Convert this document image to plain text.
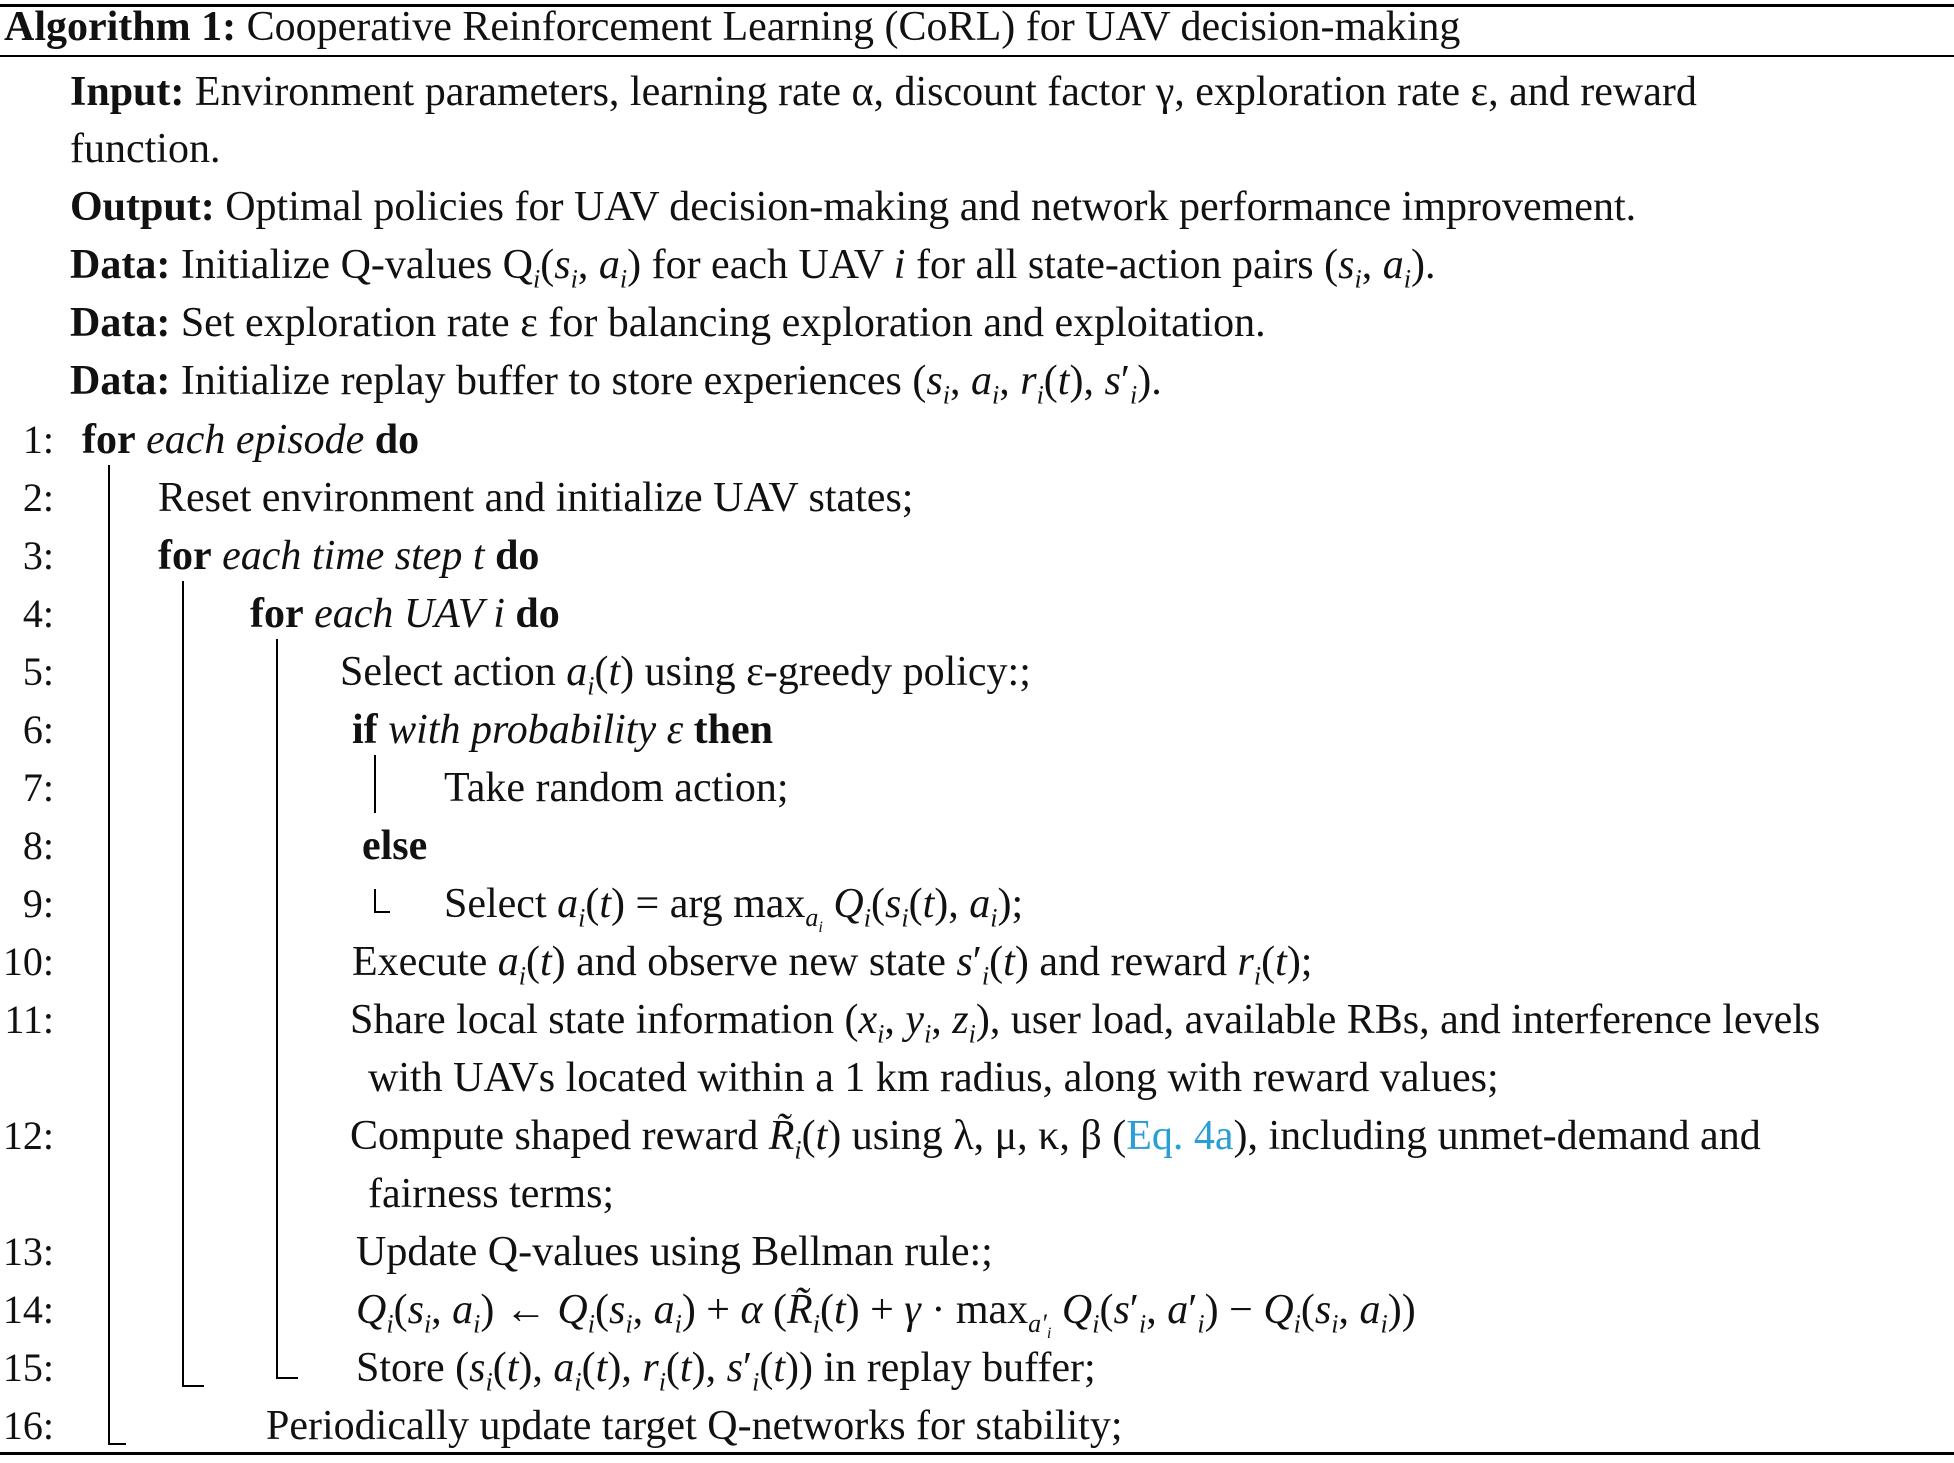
Algorithm 1: Cooperative Reinforcement Learning (CoRL) for UAV decision-making
Input: Environment parameters, learning rate α, discount factor γ, exploration rate ε, and reward
function.
Output: Optimal policies for UAV decision-making and network performance improvement.
Data: Initialize Q-values $Q_i(s_i$, $a_i$) for each UAV i for all state-action pairs ($s_i$, $a_i$).
Data: Set exploration rate ε for balancing exploration and exploitation.
Data: Initialize replay buffer to store experiences ($s_i$, $a_i$, $r_i(t)$, $s'_i$).
1:
2:
3:
4:
5:
6:
7:
8:
9:
10:
11:
12:
13:
14:
15:
16:
for each episode do
Reset environment and initialize UAV states;
for each time step t do
for each UAV i do
Select action $a_i(t)$ using ε-greedy policy:;
if with probability ε then
Take random action;
else
Select $a_i(t)$ = arg $\max_{a_i} Q_i(s_i(t)$, $a_i$);
Execute $a_i(t)$ and observe new state $s'_i(t)$ and reward $r_i(t)$;
Share local state information ($x_i$, $y_i$, $z_i$), user load, available RBs, and interference levels
with UAVs located within a 1 km radius, along with reward values;
Compute shaped reward $R̃_i(t)$ using λ, μ, κ, β (Eq. 4a), including unmet-demand and
fairness terms;
Update Q-values using Bellman rule:;
$Q_i(s_i$, $a_i$) ← $Q_i(s_i$, $a_i) + \alpha$ ($R̃_i(t) + \gamma \cdot \max_{a'_i} Q_i(s'_i$, $a'_i) - Q_i(s_i$, $a_i$))
Store ($s_i(t)$, $a_i(t)$, $r_i(t)$, $s'_i(t)$) in replay buffer;
Periodically update target Q-networks for stability;
